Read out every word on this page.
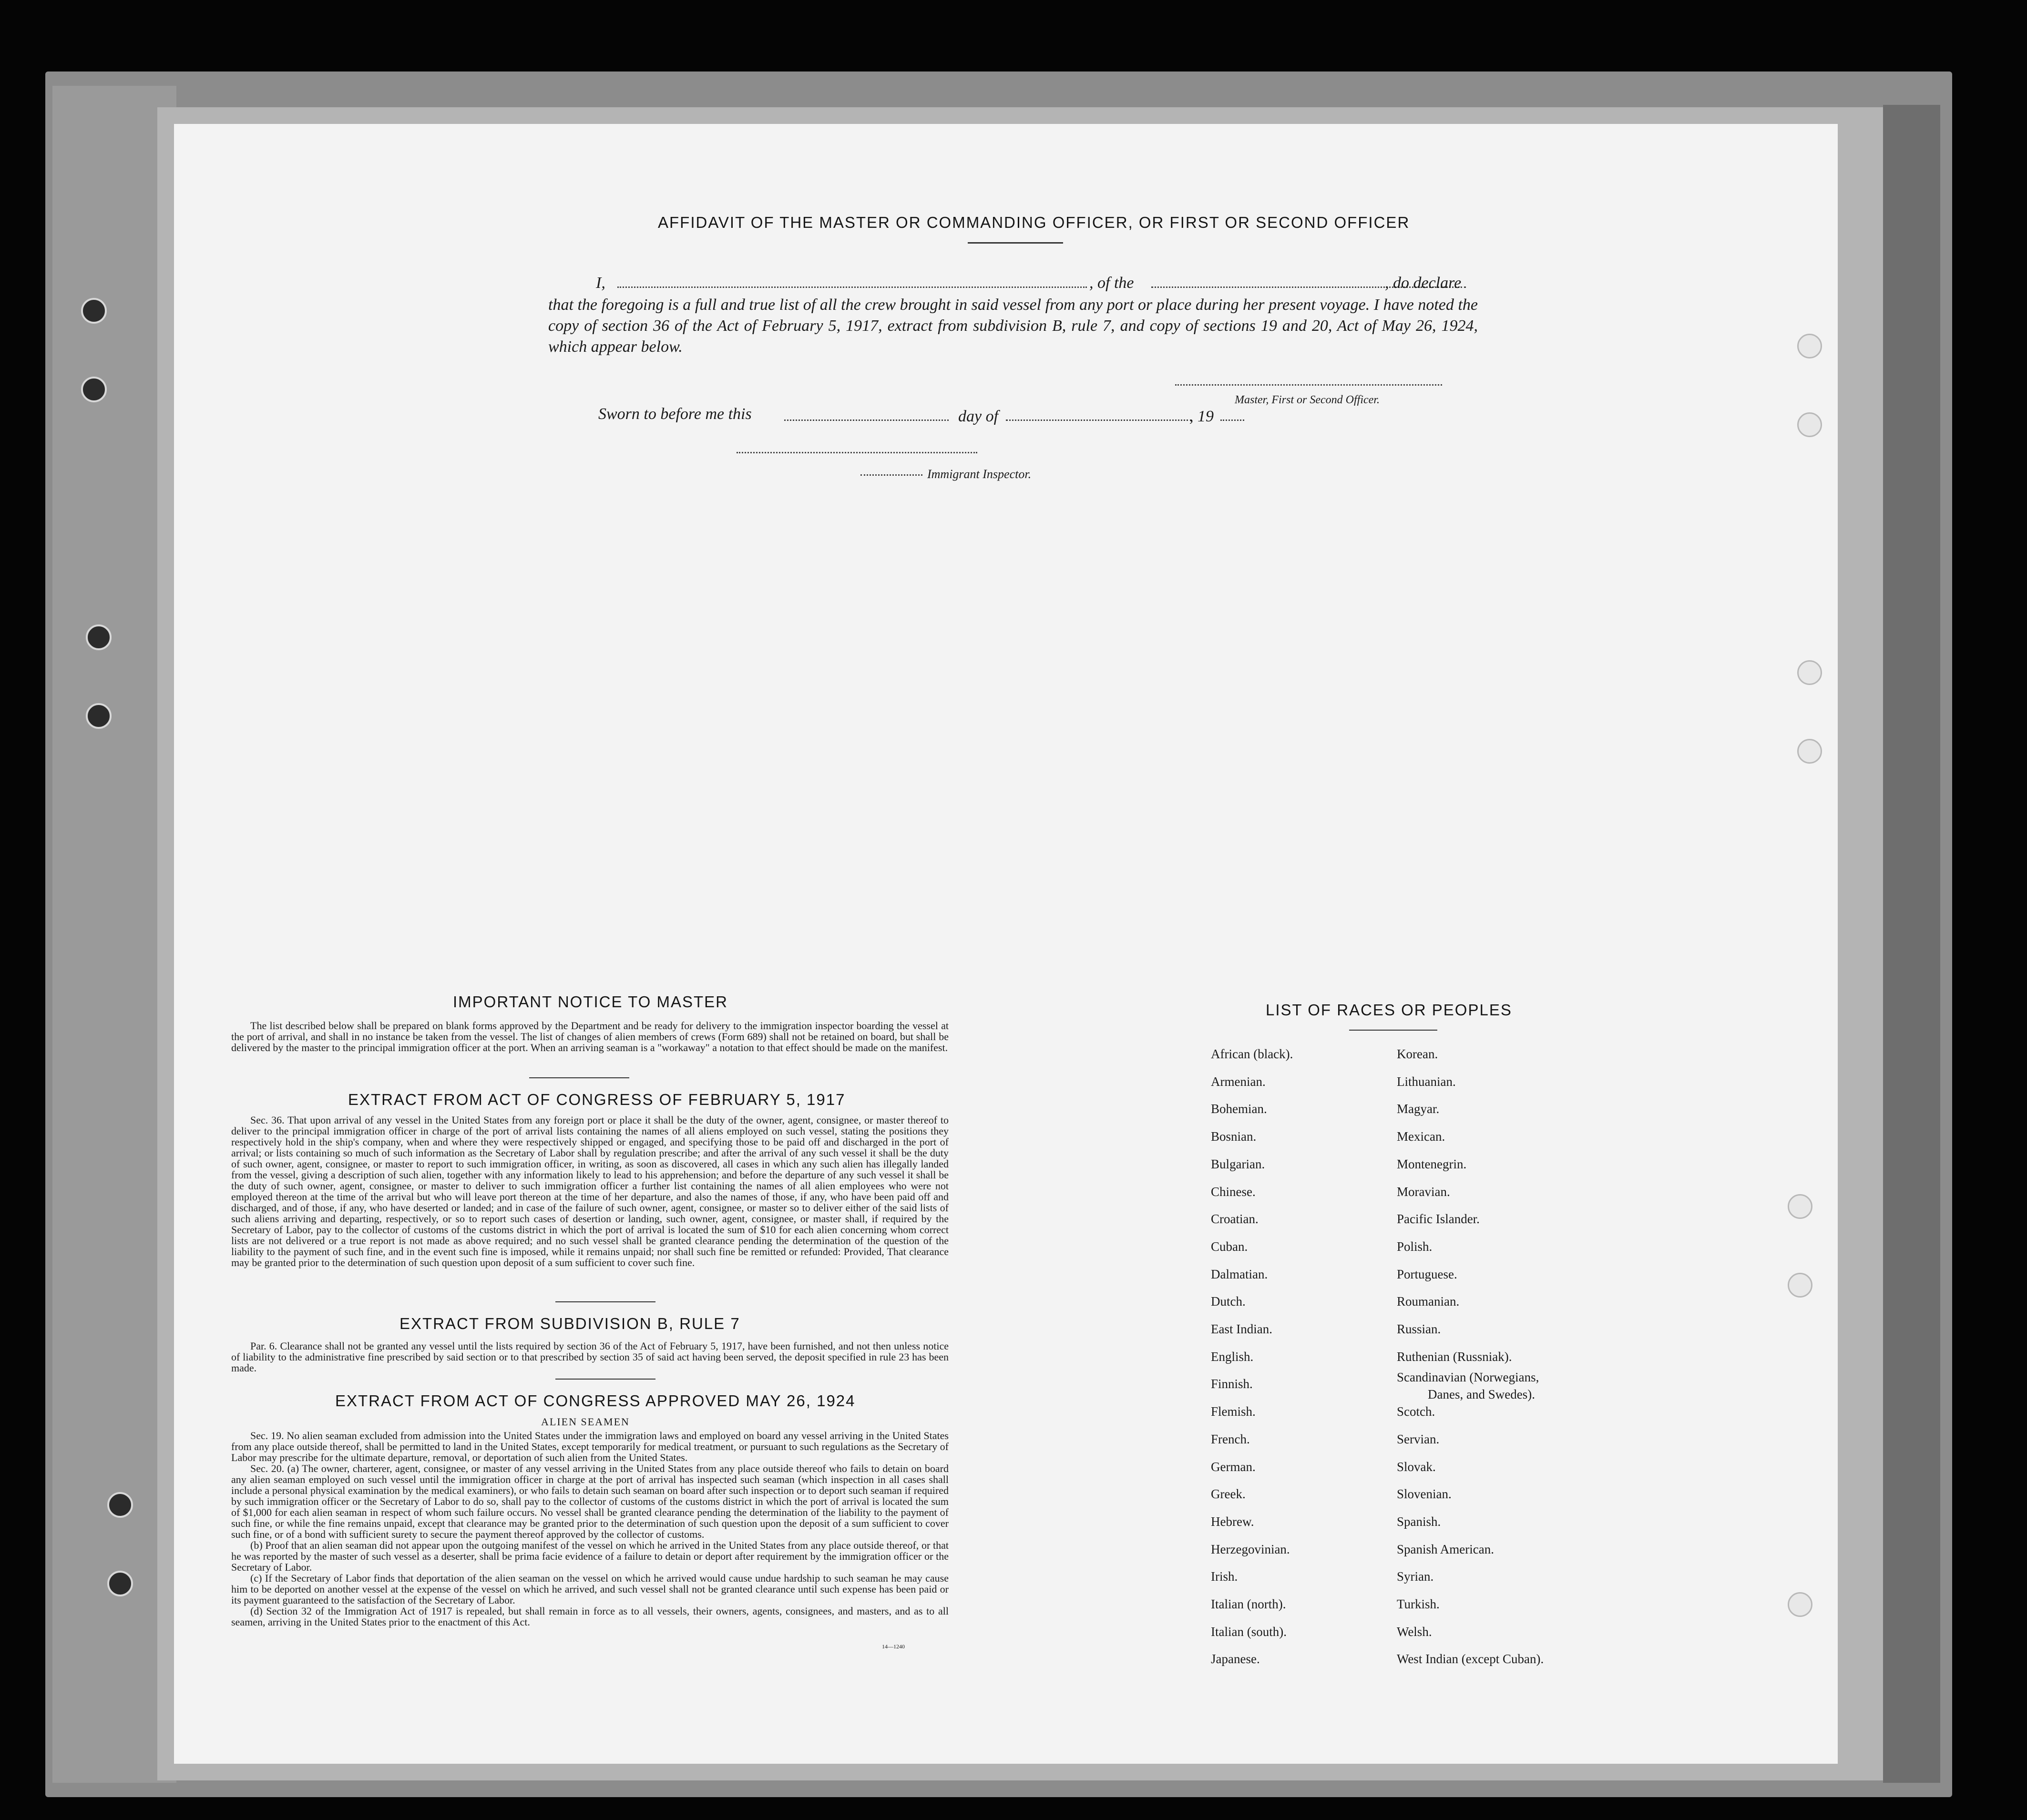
AFFIDAVIT OF THE MASTER OR COMMANDING OFFICER, OR FIRST OR SECOND OFFICER
I,	, of the	, do declare
that the foregoing is a full and true list of all the crew brought in said vessel from any port or place during her present voyage. I have noted the copy of section 36 of the Act of February 5, 1917, extract from subdivision B, rule 7, and copy of sections 19 and 20, Act of May 26, 1924, which appear below.
Master, First or Second Officer.
Sworn to before me this	day of	, 19
Immigrant Inspector.
IMPORTANT NOTICE TO MASTER

The list described below shall be prepared on blank forms approved by the Department and be ready for delivery to the immigration inspector boarding the vessel at the port of arrival, and shall in no instance be taken from the vessel. The list of changes of alien members of crews (Form 689) shall not be retained on board, but shall be delivered by the master to the principal immigration officer at the port. When an arriving seaman is a "workaway" a notation to that effect should be made on the manifest.

EXTRACT FROM ACT OF CONGRESS OF FEBRUARY 5, 1917

Sec. 36. That upon arrival of any vessel in the United States from any foreign port or place it shall be the duty of the owner, agent, consignee, or master thereof to deliver to the principal immigration officer in charge of the port of arrival lists containing the names of all aliens employed on such vessel, stating the positions they respectively hold in the ship's company, when and where they were respectively shipped or engaged, and specifying those to be paid off and discharged in the port of arrival; or lists containing so much of such information as the Secretary of Labor shall by regulation prescribe; and after the arrival of any such vessel it shall be the duty of such owner, agent, consignee, or master to report to such immigration officer, in writing, as soon as discovered, all cases in which any such alien has illegally landed from the vessel, giving a description of such alien, together with any information likely to lead to his apprehension; and before the departure of any such vessel it shall be the duty of such owner, agent, consignee, or master to deliver to such immigration officer a further list containing the names of all alien employees who were not employed thereon at the time of the arrival but who will leave port thereon at the time of her departure, and also the names of those, if any, who have been paid off and discharged, and of those, if any, who have deserted or landed; and in case of the failure of such owner, agent, consignee, or master so to deliver either of the said lists of such aliens arriving and departing, respectively, or so to report such cases of desertion or landing, such owner, agent, consignee, or master shall, if required by the Secretary of Labor, pay to the collector of customs of the customs district in which the port of arrival is located the sum of $10 for each alien concerning whom correct lists are not delivered or a true report is not made as above required; and no such vessel shall be granted clearance pending the determination of the question of the liability to the payment of such fine, and in the event such fine is imposed, while it remains unpaid; nor shall such fine be remitted or refunded: Provided, That clearance may be granted prior to the determination of such question upon deposit of a sum sufficient to cover such fine.

EXTRACT FROM SUBDIVISION B, RULE 7

Par. 6. Clearance shall not be granted any vessel until the lists required by section 36 of the Act of February 5, 1917, have been furnished, and not then unless notice of liability to the administrative fine prescribed by said section or to that prescribed by section 35 of said act having been served, the deposit specified in rule 23 has been made.

EXTRACT FROM ACT OF CONGRESS APPROVED MAY 26, 1924
ALIEN SEAMEN

Sec. 19. No alien seaman excluded from admission into the United States under the immigration laws and employed on board any vessel arriving in the United States from any place outside thereof, shall be permitted to land in the United States, except temporarily for medical treatment, or pursuant to such regulations as the Secretary of Labor may prescribe for the ultimate departure, removal, or deportation of such alien from the United States.

Sec. 20. (a) The owner, charterer, agent, consignee, or master of any vessel arriving in the United States from any place outside thereof who fails to detain on board any alien seaman employed on such vessel until the immigration officer in charge at the port of arrival has inspected such seaman (which inspection in all cases shall include a personal physical examination by the medical examiners), or who fails to detain such seaman on board after such inspection or to deport such seaman if required by such immigration officer or the Secretary of Labor to do so, shall pay to the collector of customs of the customs district in which the port of arrival is located the sum of $1,000 for each alien seaman in respect of whom such failure occurs. No vessel shall be granted clearance pending the determination of the liability to the payment of such fine, or while the fine remains unpaid, except that clearance may be granted prior to the determination of such question upon the deposit of a sum sufficient to cover such fine, or of a bond with sufficient surety to secure the payment thereof approved by the collector of customs.

(b) Proof that an alien seaman did not appear upon the outgoing manifest of the vessel on which he arrived in the United States from any place outside thereof, or that he was reported by the master of such vessel as a deserter, shall be prima facie evidence of a failure to detain or deport after requirement by the immigration officer or the Secretary of Labor.

(c) If the Secretary of Labor finds that deportation of the alien seaman on the vessel on which he arrived would cause undue hardship to such seaman he may cause him to be deported on another vessel at the expense of the vessel on which he arrived, and such vessel shall not be granted clearance until such expense has been paid or its payment guaranteed to the satisfaction of the Secretary of Labor.

(d) Section 32 of the Immigration Act of 1917 is repealed, but shall remain in force as to all vessels, their owners, agents, consignees, and masters, and as to all seamen, arriving in the United States prior to the enactment of this Act.

14—1240
LIST OF RACES OR PEOPLES
African (black).
Armenian.
Bohemian.
Bosnian.
Bulgarian.
Chinese.
Croatian.
Cuban.
Dalmatian.
Dutch.
East Indian.
English.
Finnish.
Flemish.
French.
German.
Greek.
Hebrew.
Herzegovinian.
Irish.
Italian (north).
Italian (south).
Japanese.
Korean.
Lithuanian.
Magyar.
Mexican.
Montenegrin.
Moravian.
Pacific Islander.
Polish.
Portuguese.
Roumanian.
Russian.
Ruthenian (Russniak).
Scandinavian (Norwegians,
Scotch.
Servian.
Slovak.
Slovenian.
Spanish.
Spanish American.
Syrian.
Turkish.
Welsh.
West Indian (except Cuban).
Danes, and Swedes).
